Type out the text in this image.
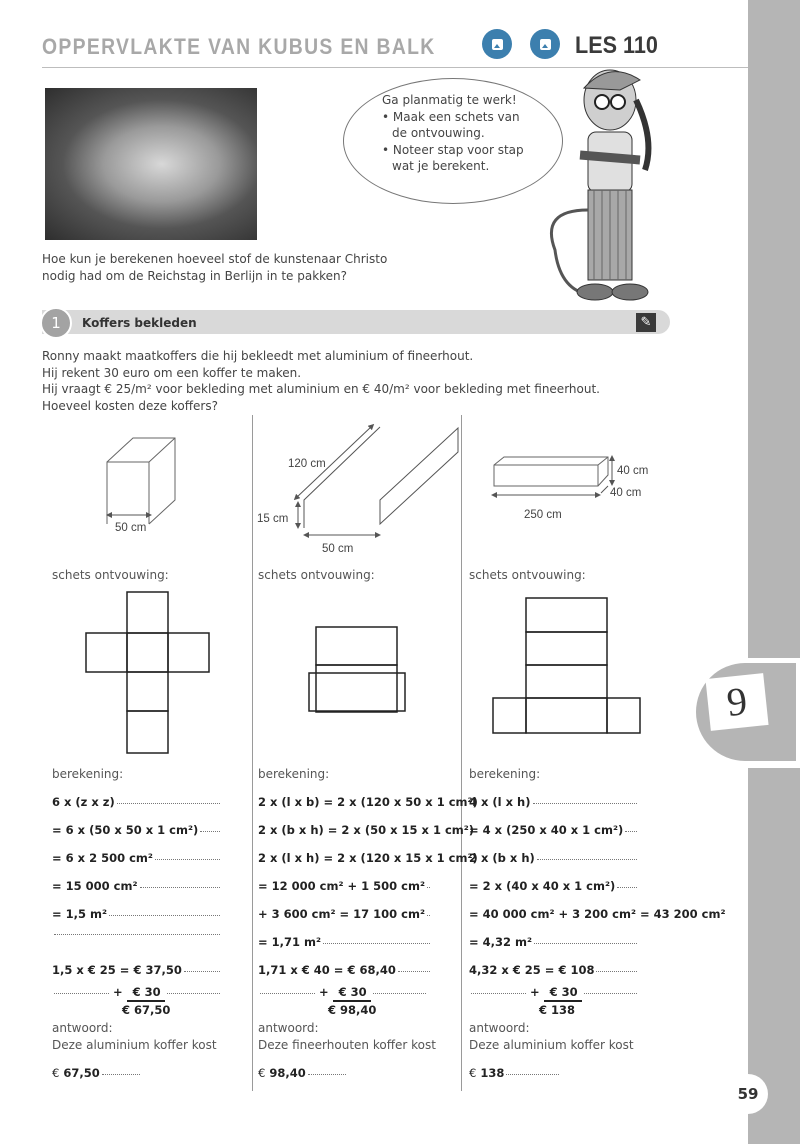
OPPERVLAKTE VAN KUBUS EN BALK	LES 110
Ga planmatig te werk!
• Maak een schets van de ontvouwing.
• Noteer stap voor stap wat je berekent.
Hoe kun je berekenen hoeveel stof de kunstenaar Christo
nodig had om de Reichstag in Berlijn in te pakken?
1	Koffers bekleden	✎
Ronny maakt maatkoffers die hij bekleedt met aluminium of fineerhout.
Hij rekent 30 euro om een koffer te maken.
Hij vraagt € 25/m² voor bekleding met aluminium en € 40/m² voor bekleding met fineerhout.
Hoeveel kosten deze koffers?
50 cm
120 cm
15 cm
50 cm
40 cm
40 cm
250 cm
schets ontvouwing:
berekening:
6 x (z x z)
= 6 x (50 x 50 x 1 cm²)
= 6 x 2 500 cm²
= 15 000 cm²
= 1,5 m²
1,5 x € 25 = € 37,50
+ € 30
€ 67,50
antwoord:
Deze aluminium koffer kost
€ 67,50
schets ontvouwing:
berekening:
2 x (l x b) = 2 x (120 x 50 x 1 cm²)
2 x (b x h) = 2 x (50 x 15 x 1 cm²)
2 x (l x h) = 2 x (120 x 15 x 1 cm²)
= 12 000 cm² + 1 500 cm²
+ 3 600 cm² = 17 100 cm²
= 1,71 m²
1,71 x € 40 = € 68,40
+ € 30
€ 98,40
antwoord:
Deze fineerhouten koffer kost
€ 98,40
schets ontvouwing:
berekening:
4 x (l x h)
= 4 x (250 x 40 x 1 cm²)
2 x (b x h)
= 2 x (40 x 40 x 1 cm²)
= 40 000 cm² + 3 200 cm² = 43 200 cm²
= 4,32 m²
4,32 x € 25 = € 108
+ € 30
€ 138
antwoord:
Deze aluminium koffer kost
€ 138
9
59
